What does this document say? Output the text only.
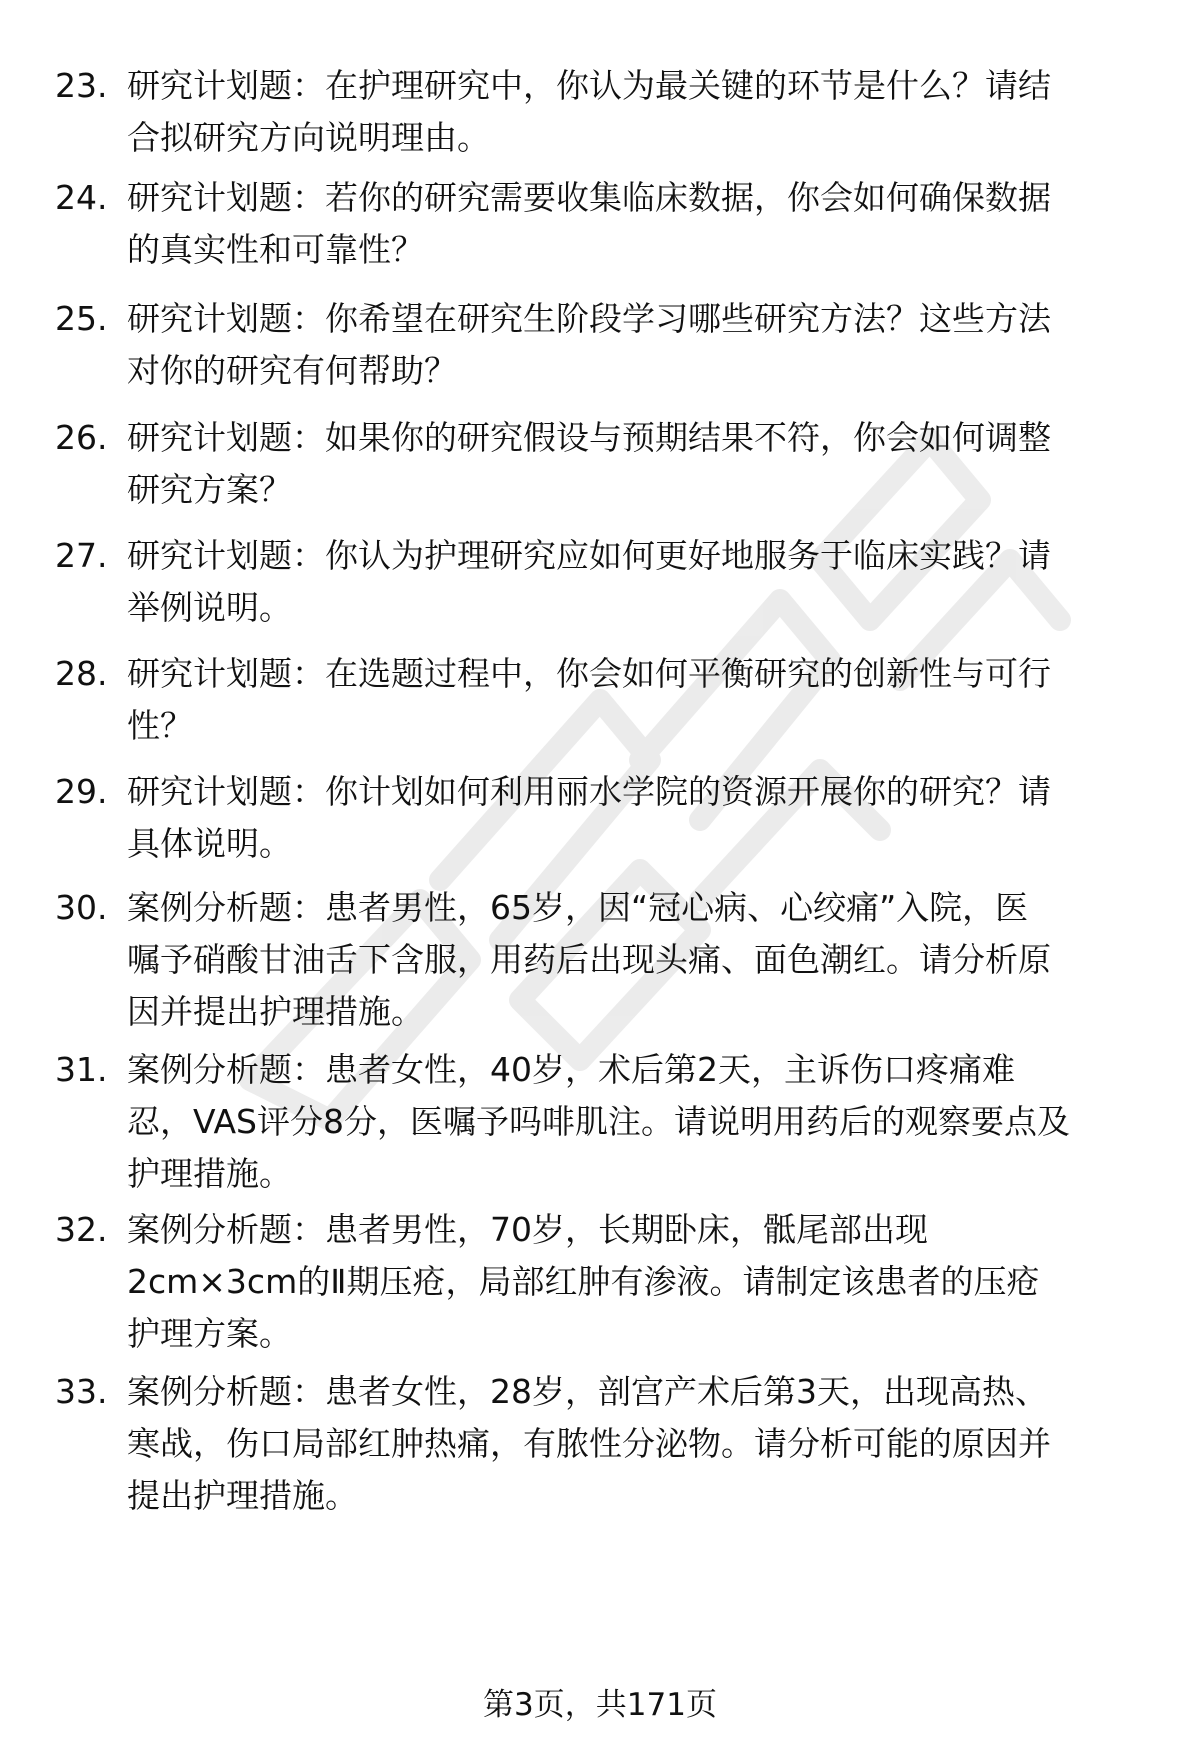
23. 研究计划题：在护理研究中，你认为最关键的环节是什么？请结
合拟研究方向说明理由。
24. 研究计划题：若你的研究需要收集临床数据，你会如何确保数据
的真实性和可靠性？
25. 研究计划题：你希望在研究生阶段学习哪些研究方法？这些方法
对你的研究有何帮助？
26. 研究计划题：如果你的研究假设与预期结果不符，你会如何调整
研究方案？
27. 研究计划题：你认为护理研究应如何更好地服务于临床实践？请
举例说明。
28. 研究计划题：在选题过程中，你会如何平衡研究的创新性与可行
性？
29. 研究计划题：你计划如何利用丽水学院的资源开展你的研究？请
具体说明。
30. 案例分析题：患者男性，65岁，因“冠心病、心绞痛”入院，医
嘱予硝酸甘油舌下含服，用药后出现头痛、面色潮红。请分析原
因并提出护理措施。
31. 案例分析题：患者女性，40岁，术后第2天，主诉伤口疼痛难
忍，VAS评分8分，医嘱予吗啡肌注。请说明用药后的观察要点及
护理措施。
32. 案例分析题：患者男性，70岁，长期卧床，骶尾部出现
2cm×3cm的Ⅱ期压疮，局部红肿有渗液。请制定该患者的压疮
护理方案。
33. 案例分析题：患者女性，28岁，剖宫产术后第3天，出现高热、
寒战，伤口局部红肿热痛，有脓性分泌物。请分析可能的原因并
提出护理措施。
第3页，共171页
